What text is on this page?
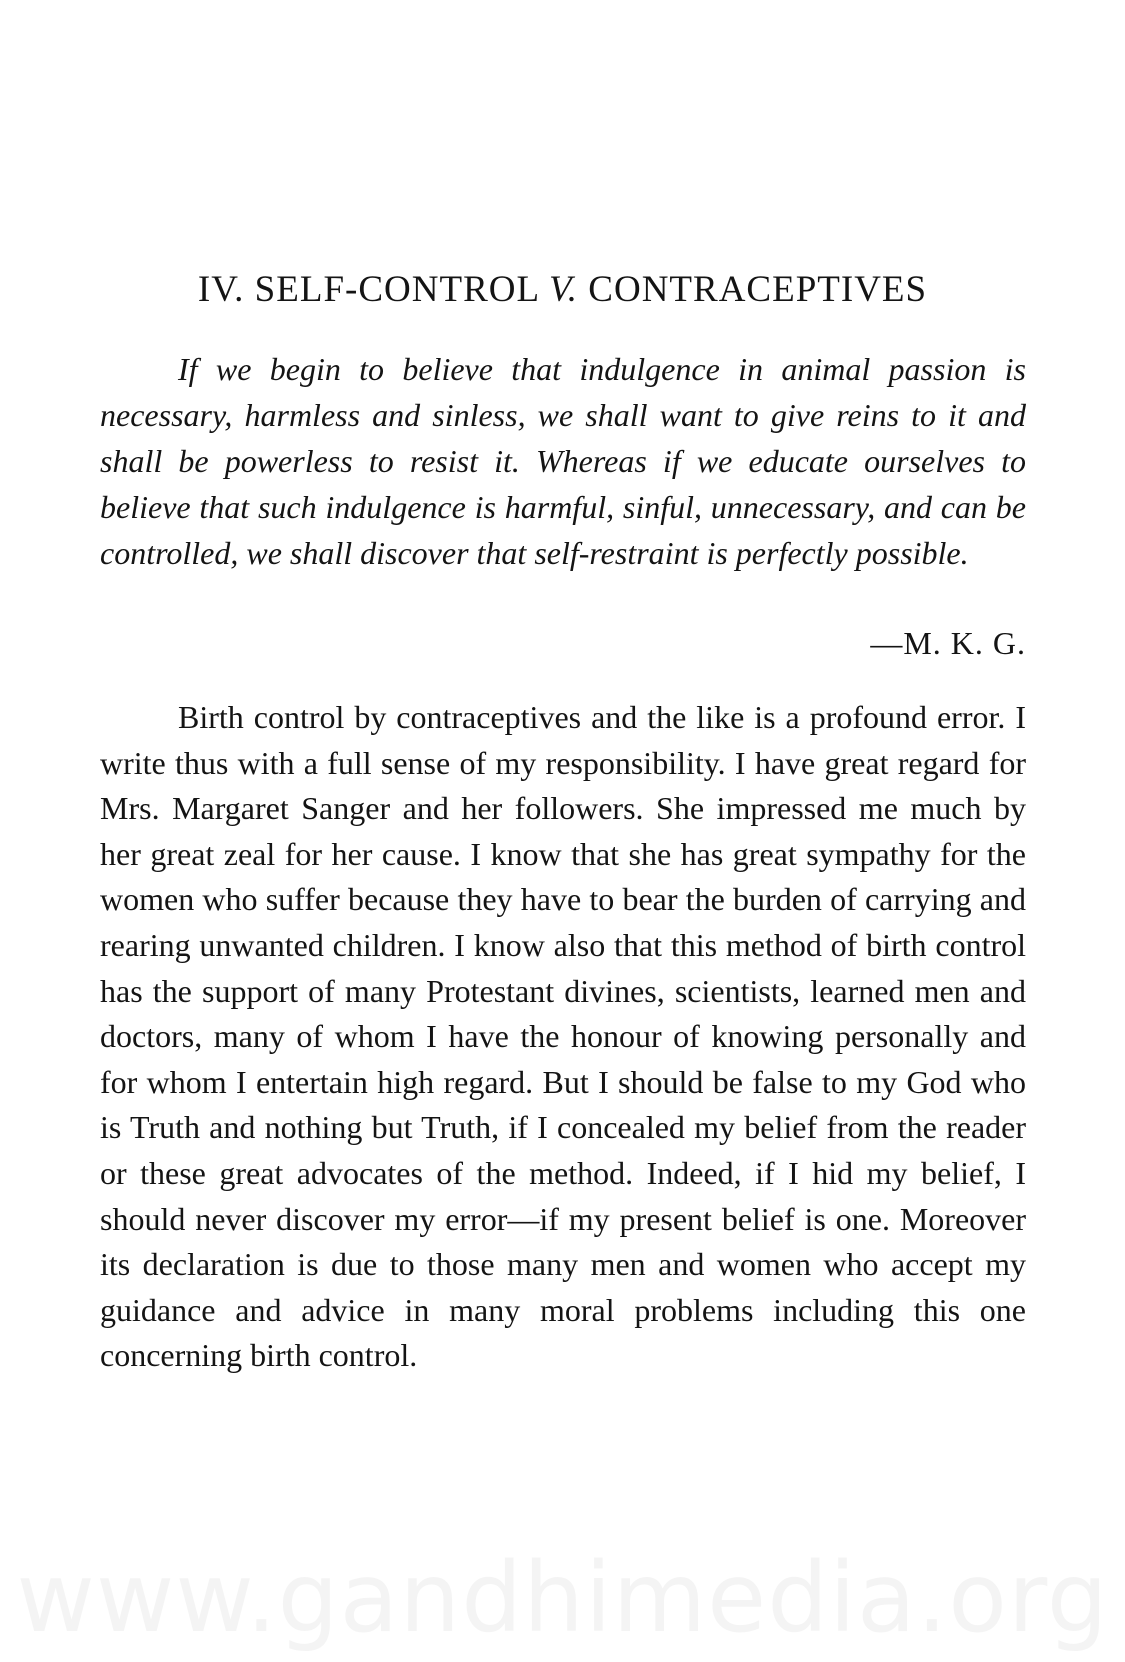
IV. SELF-CONTROL V. CONTRACEPTIVES

If we begin to believe that indulgence in animal passion is necessary, harmless and sinless, we shall want to give reins to it and shall be powerless to resist it. Whereas if we educate ourselves to believe that such indulgence is harmful, sinful, unnecessary, and can be controlled, we shall discover that self-restraint is perfectly possible.

—M. K. G.

Birth control by contraceptives and the like is a profound error. I write thus with a full sense of my responsibility. I have great regard for Mrs. Margaret Sanger and her followers. She impressed me much by her great zeal for her cause. I know that she has great sympathy for the women who suffer because they have to bear the burden of carrying and rearing unwanted children. I know also that this method of birth control has the support of many Protestant divines, scientists, learned men and doctors, many of whom I have the honour of knowing personally and for whom I entertain high regard. But I should be false to my God who is Truth and nothing but Truth, if I concealed my belief from the reader or these great advocates of the method. Indeed, if I hid my belief, I should never discover my error—if my present belief is one. Moreover its declaration is due to those many men and women who accept my guidance and advice in many moral problems including this one concerning birth control.
